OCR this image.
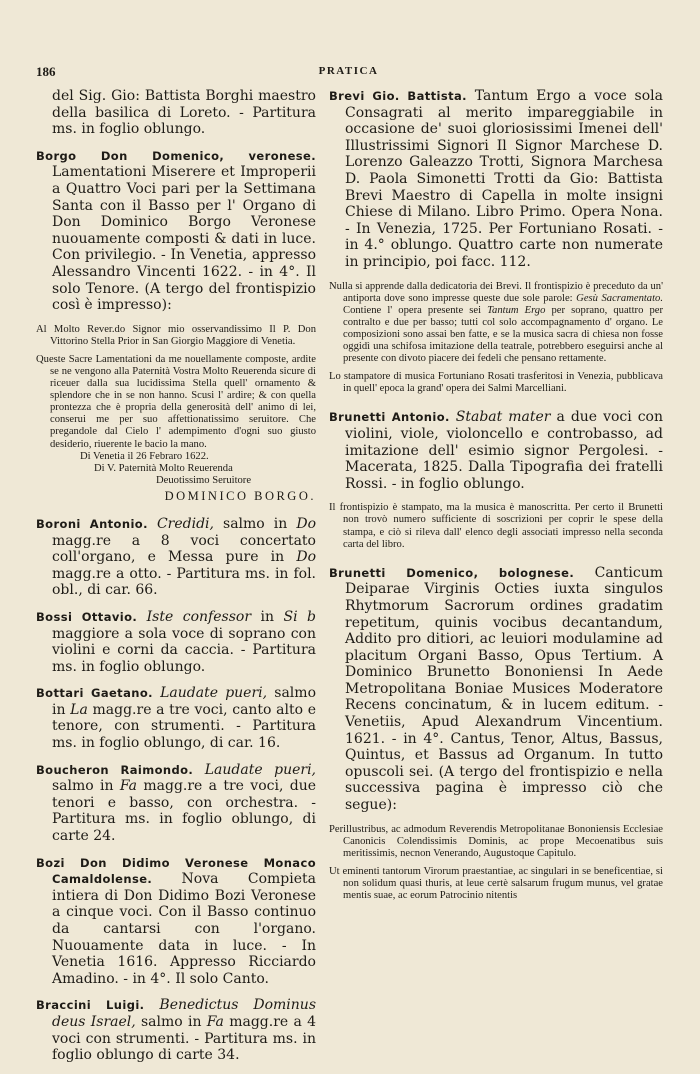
186	PRATICA

del Sig. Gio: Battista Borghi maestro della basilica di Loreto. - Partitura ms. in foglio oblungo.

Borgo Don Domenico, veronese. Lamentationi Miserere et Improperii a Quattro Voci pari per la Settimana Santa con il Basso per l' Organo di Don Dominico Borgo Veronese nuouamente composti & dati in luce. Con privilegio. - In Venetia, appresso Alessandro Vincenti 1622. - in 4°. Il solo Tenore. (A tergo del frontispizio così è impresso):

Al Molto Rever.do Signor mio osservandissimo Il P. Don Vittorino Stella Prior in San Giorgio Maggiore di Venetia.

Queste Sacre Lamentationi da me nouellamente composte, ardite se ne vengono alla Paternità Vostra Molto Reuerenda sicure di riceuer dalla sua lucidissima Stella quell' ornamento & splendore che in se non hanno. Scusi l' ardire; & con quella prontezza che è propria della generosità dell' animo di lei, conserui me per suo affettionatissimo seruitore. Che pregandole dal Cielo l' adempimento d'ogni suo giusto desiderio, riuerente le bacio la mano.

Di Venetia il 26 Febraro 1622.

Di V. Paternità Molto Reuerenda

Deuotissimo Seruitore

DOMINICO BORGO.

Boroni Antonio. Credidi, salmo in Do magg.re a 8 voci concertato coll'organo, e Messa pure in Do magg.re a otto. - Partitura ms. in fol. obl., di car. 66.

Bossi Ottavio. Iste confessor in Si b maggiore a sola voce di soprano con violini e corni da caccia. - Partitura ms. in foglio oblungo.

Bottari Gaetano. Laudate pueri, salmo in La magg.re a tre voci, canto alto e tenore, con strumenti. - Partitura ms. in foglio oblungo, di car. 16.

Boucheron Raimondo. Laudate pueri, salmo in Fa magg.re a tre voci, due tenori e basso, con orchestra. - Partitura ms. in foglio oblungo, di carte 24.

Bozi Don Didimo Veronese Monaco Camaldolense. Nova Compieta intiera di Don Didimo Bozi Veronese a cinque voci. Con il Basso continuo da cantarsi con l'organo. Nuouamente data in luce. - In Venetia 1616. Appresso Ricciardo Amadino. - in 4°. Il solo Canto.

Braccini Luigi. Benedictus Dominus deus Israel, salmo in Fa magg.re a 4 voci con strumenti. - Partitura ms. in foglio oblungo di carte 34.

Brevi Gio. Battista. Tantum Ergo a voce sola Consagrati al merito impareggiabile in occasione de' suoi gloriosissimi Imenei dell' Illustrissimi Signori Il Signor Marchese D. Lorenzo Galeazzo Trotti, Signora Marchesa D. Paola Simonetti Trotti da Gio: Battista Brevi Maestro di Capella in molte insigni Chiese di Milano. Libro Primo. Opera Nona. - In Venezia, 1725. Per Fortuniano Rosati. - in 4.° oblungo. Quattro carte non numerate in principio, poi facc. 112.

Nulla si apprende dalla dedicatoria dei Brevi. Il frontispizio è preceduto da un' antiporta dove sono impresse queste due sole parole: Gesù Sacramentato. Contiene l' opera presente sei Tantum Ergo per soprano, quattro per contralto e due per basso; tutti col solo accompagnamento d' organo. Le composizioni sono assai ben fatte, e se la musica sacra di chiesa non fosse oggidì una schifosa imitazione della teatrale, potrebbero eseguirsi anche al presente con divoto piacere dei fedeli che pensano rettamente.

Lo stampatore di musica Fortuniano Rosati trasferitosi in Venezia, pubblicava in quell' epoca la grand' opera dei Salmi Marcelliani.

Brunetti Antonio. Stabat mater a due voci con violini, viole, violoncello e controbasso, ad imitazione dell' esimio signor Pergolesi. - Macerata, 1825. Dalla Tipografia dei fratelli Rossi. - in foglio oblungo.

Il frontispizio è stampato, ma la musica è manoscritta. Per certo il Brunetti non trovò numero sufficiente di soscrizioni per coprir le spese della stampa, e ciò si rileva dall' elenco degli associati impresso nella seconda carta del libro.

Brunetti Domenico, bolognese. Canticum Deiparae Virginis Octies iuxta singulos Rhytmorum Sacrorum ordines gradatim repetitum, quinis vocibus decantandum, Addito pro ditiori, ac leuiori modulamine ad placitum Organi Basso, Opus Tertium. A Dominico Brunetto Bononiensi In Aede Metropolitana Boniae Musices Moderatore Recens concinatum, & in lucem editum. - Venetiis, Apud Alexandrum Vincentium. 1621. - in 4°. Cantus, Tenor, Altus, Bassus, Quintus, et Bassus ad Organum. In tutto opuscoli sei. (A tergo del frontispizio e nella successiva pagina è impresso ciò che segue):

Perillustribus, ac admodum Reverendis Metropolitanae Bononiensis Ecclesiae Canonicis Colendissimis Dominis, ac prope Mecoenatibus suis meritissimis, necnon Venerando, Augustoque Capitulo.

Ut eminenti tantorum Virorum praestantiae, ac singulari in se beneficentiae, si non solidum quasi thuris, at leue certè salsarum frugum munus, vel gratae mentis suae, ac eorum Patrocinio nitentis
